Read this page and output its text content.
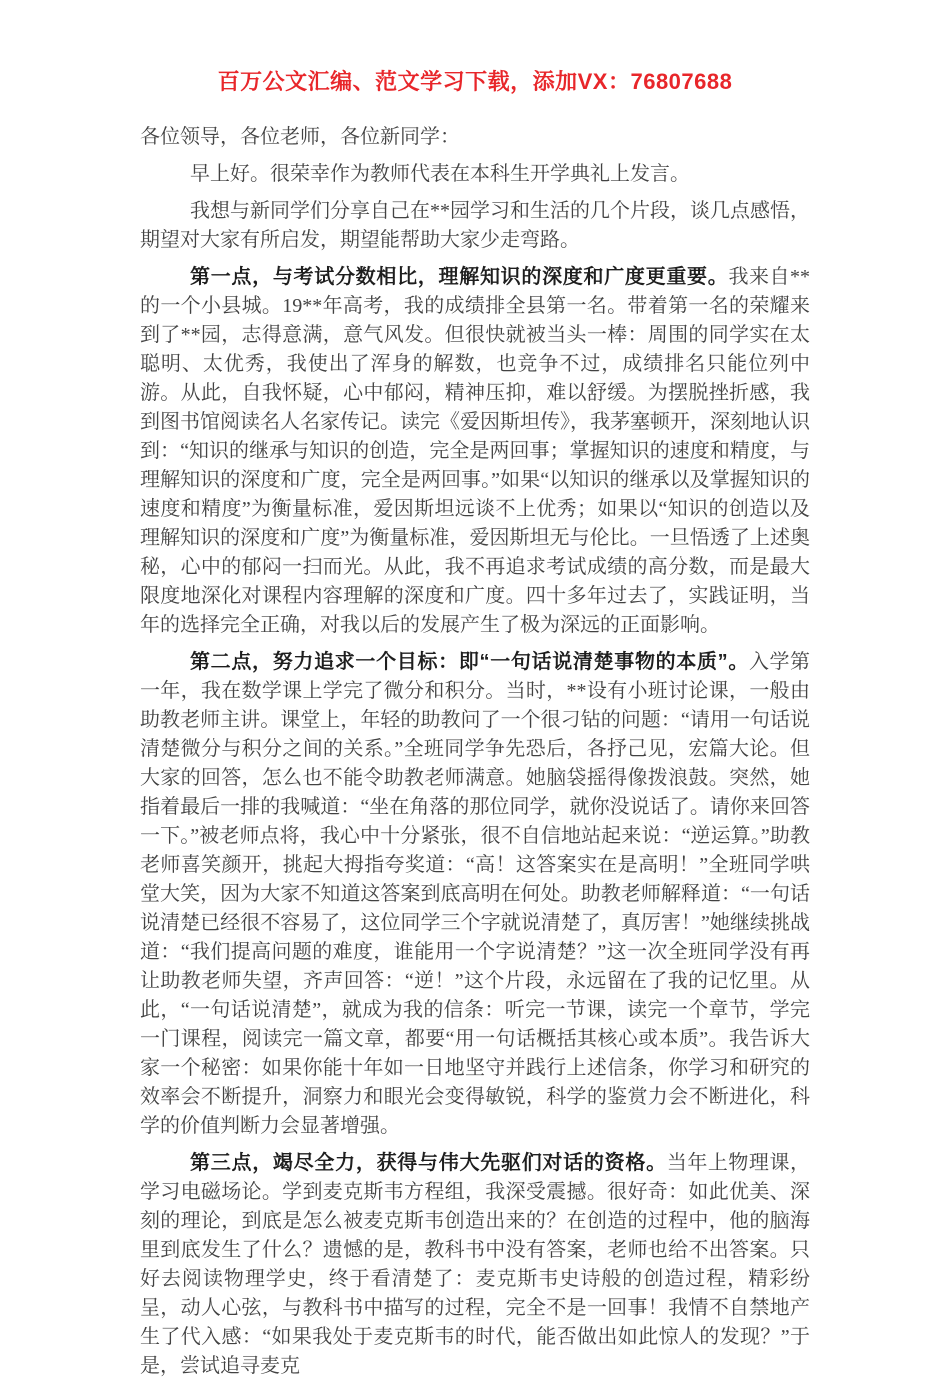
百万公文汇编、范文学习下载，添加VX：76807688

各位领导，各位老师，各位新同学：

早上好。很荣幸作为教师代表在本科生开学典礼上发言。

我想与新同学们分享自己在**园学习和生活的几个片段，谈几点感悟，期望对大家有所启发，期望能帮助大家少走弯路。

第一点，与考试分数相比，理解知识的深度和广度更重要。我来自**的一个小县城。19**年高考，我的成绩排全县第一名。带着第一名的荣耀来到了**园，志得意满，意气风发。但很快就被当头一棒：周围的同学实在太聪明、太优秀，我使出了浑身的解数，也竞争不过，成绩排名只能位列中游。从此，自我怀疑，心中郁闷，精神压抑，难以舒缓。为摆脱挫折感，我到图书馆阅读名人名家传记。读完《爱因斯坦传》，我茅塞顿开，深刻地认识到：“知识的继承与知识的创造，完全是两回事；掌握知识的速度和精度，与理解知识的深度和广度，完全是两回事。”如果“以知识的继承以及掌握知识的速度和精度”为衡量标准，爱因斯坦远谈不上优秀；如果以“知识的创造以及理解知识的深度和广度”为衡量标准，爱因斯坦无与伦比。一旦悟透了上述奥秘，心中的郁闷一扫而光。从此，我不再追求考试成绩的高分数，而是最大限度地深化对课程内容理解的深度和广度。四十多年过去了，实践证明，当年的选择完全正确，对我以后的发展产生了极为深远的正面影响。

第二点，努力追求一个目标：即“一句话说清楚事物的本质”。入学第一年，我在数学课上学完了微分和积分。当时，**设有小班讨论课，一般由助教老师主讲。课堂上，年轻的助教问了一个很刁钻的问题：“请用一句话说清楚微分与积分之间的关系。”全班同学争先恐后，各抒己见，宏篇大论。但大家的回答，怎么也不能令助教老师满意。她脑袋摇得像拨浪鼓。突然，她指着最后一排的我喊道：“坐在角落的那位同学，就你没说话了。请你来回答一下。”被老师点将，我心中十分紧张，很不自信地站起来说：“逆运算。”助教老师喜笑颜开，挑起大拇指夸奖道：“高！这答案实在是高明！”全班同学哄堂大笑，因为大家不知道这答案到底高明在何处。助教老师解释道：“一句话说清楚已经很不容易了，这位同学三个字就说清楚了，真厉害！”她继续挑战道：“我们提高问题的难度，谁能用一个字说清楚？”这一次全班同学没有再让助教老师失望，齐声回答：“逆！”这个片段，永远留在了我的记忆里。从此，“一句话说清楚”，就成为我的信条：听完一节课，读完一个章节，学完一门课程，阅读完一篇文章，都要“用一句话概括其核心或本质”。我告诉大家一个秘密：如果你能十年如一日地坚守并践行上述信条，你学习和研究的效率会不断提升，洞察力和眼光会变得敏锐，科学的鉴赏力会不断进化，科学的价值判断力会显著增强。

第三点，竭尽全力，获得与伟大先驱们对话的资格。当年上物理课，学习电磁场论。学到麦克斯韦方程组，我深受震撼。很好奇：如此优美、深刻的理论，到底是怎么被麦克斯韦创造出来的？在创造的过程中，他的脑海里到底发生了什么？遗憾的是，教科书中没有答案，老师也给不出答案。只好去阅读物理学史，终于看清楚了：麦克斯韦史诗般的创造过程，精彩纷呈，动人心弦，与教科书中描写的过程，完全不是一回事！我情不自禁地产生了代入感：“如果我处于麦克斯韦的时代，能否做出如此惊人的发现？”于是，尝试追寻麦克
